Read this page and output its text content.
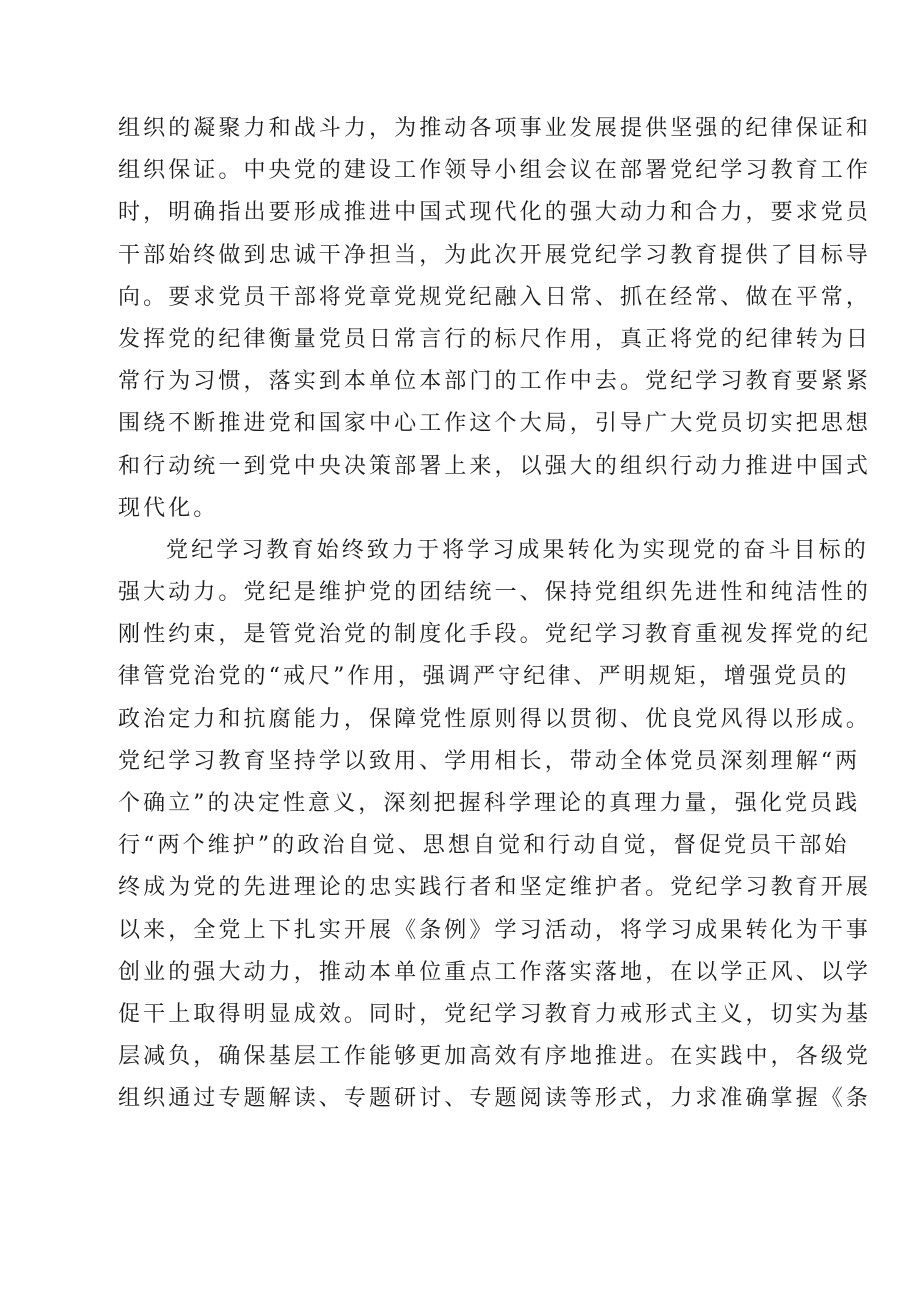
组织的凝聚力和战斗力，为推动各项事业发展提供坚强的纪律保证和
组织保证。中央党的建设工作领导小组会议在部署党纪学习教育工作
时，明确指出要形成推进中国式现代化的强大动力和合力，要求党员
干部始终做到忠诚干净担当，为此次开展党纪学习教育提供了目标导
向。要求党员干部将党章党规党纪融入日常、抓在经常、做在平常，
发挥党的纪律衡量党员日常言行的标尺作用，真正将党的纪律转为日
常行为习惯，落实到本单位本部门的工作中去。党纪学习教育要紧紧
围绕不断推进党和国家中心工作这个大局，引导广大党员切实把思想
和行动统一到党中央决策部署上来，以强大的组织行动力推进中国式
现代化。
党纪学习教育始终致力于将学习成果转化为实现党的奋斗目标的
强大动力。党纪是维护党的团结统一、保持党组织先进性和纯洁性的
刚性约束，是管党治党的制度化手段。党纪学习教育重视发挥党的纪
律管党治党的“戒尺”作用，强调严守纪律、严明规矩，增强党员的
政治定力和抗腐能力，保障党性原则得以贯彻、优良党风得以形成。
党纪学习教育坚持学以致用、学用相长，带动全体党员深刻理解“两
个确立”的决定性意义，深刻把握科学理论的真理力量，强化党员践
行“两个维护”的政治自觉、思想自觉和行动自觉，督促党员干部始
终成为党的先进理论的忠实践行者和坚定维护者。党纪学习教育开展
以来，全党上下扎实开展《条例》学习活动，将学习成果转化为干事
创业的强大动力，推动本单位重点工作落实落地，在以学正风、以学
促干上取得明显成效。同时，党纪学习教育力戒形式主义，切实为基
层减负，确保基层工作能够更加高效有序地推进。在实践中，各级党
组织通过专题解读、专题研讨、专题阅读等形式，力求准确掌握《条
